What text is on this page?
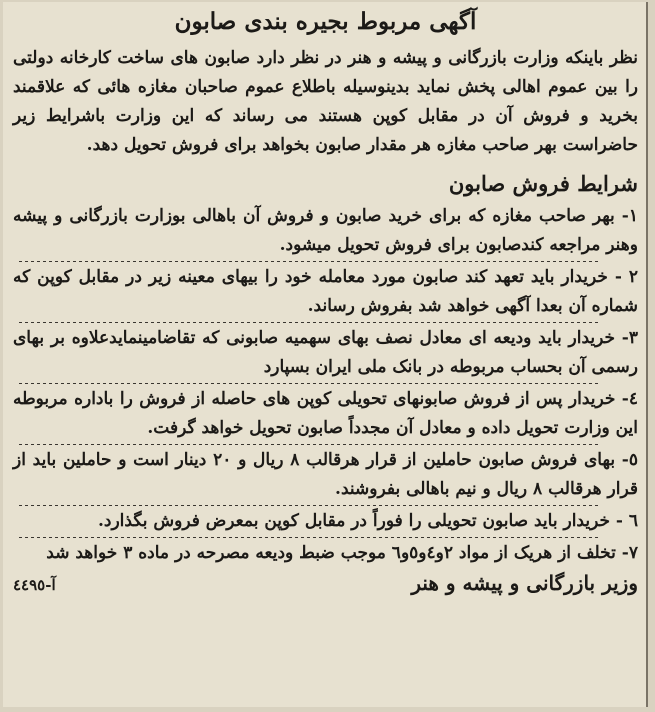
آگهی مربوط بجیره بندی صابون

نظر باینکه وزارت بازرگانی و پیشه و هنر در نظر دارد صابون های ساخت کارخانه دولتی را بین عموم اهالی پخش نماید بدینوسیله باطلاع عموم صاحبان مغازه هائی که علاقمند بخرید و فروش آن در مقابل کوپن هستند می رساند که این وزارت باشرایط زیر حاضراست بهر صاحب مغازه هر مقدار صابون بخواهد برای فروش تحویل دهد.

شرایط فروش صابون

۱- بهر صاحب مغازه که برای خرید صابون و فروش آن باهالی بوزارت بازرگانی و پیشه وهنر مراجعه کندصابون برای فروش تحویل میشود.

۲ - خریدار باید تعهد کند صابون مورد معامله خود را بیهای معینه زیر در مقابل کوپن که شماره آن بعدا آگهی خواهد شد بفروش رساند.

۳- خریدار باید ودیعه ای معادل نصف بهای سهمیه صابونی که تقاضامینمایدعلاوه بر بهای رسمی آن بحساب مربوطه در بانک ملی ایران بسپارد

٤- خریدار پس از فروش صابونهای تحویلی کوپن های حاصله از فروش را باداره مربوطه این وزارت تحویل داده و معادل آن مجدداً صابون تحویل خواهد گرفت.

٥- بهای فروش صابون حاملین از قرار هرقالب ۸ ریال و ۲۰ دینار است و حاملین باید از قرار هرقالب ۸ ریال و نیم باهالی بفروشند.

٦ - خریدار باید صابون تحویلی را فوراً در مقابل کوپن بمعرض فروش بگذارد.

۷- تخلف از هریک از مواد ۲و٤و٥و٦ موجب ضبط ودیعه مصرحه در ماده ۳ خواهد شد

وزیر بازرگانی و پیشه و هنر
آ-٤٤٩٥
